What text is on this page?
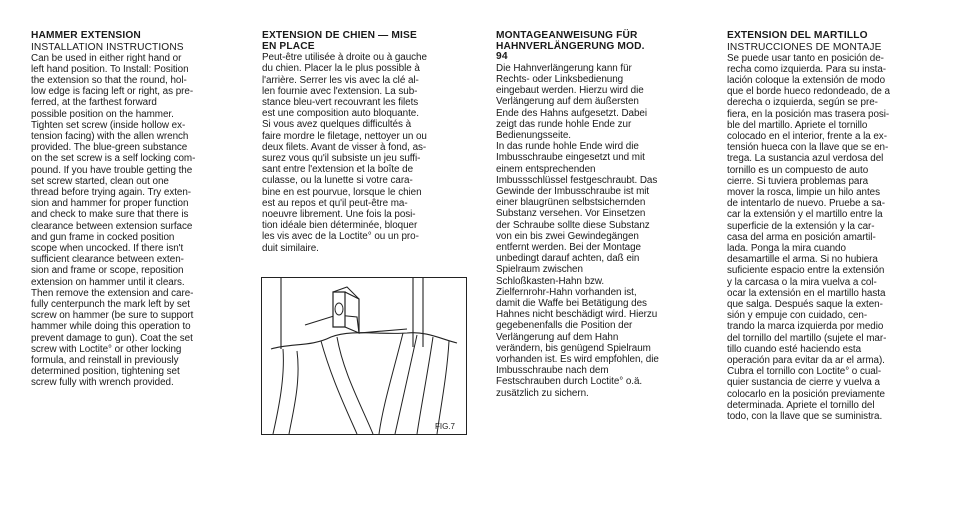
HAMMER EXTENSION
INSTALLATION INSTRUCTIONS
Can be used in either right hand or
left hand position. To Install: Position
the extension so that the round, hol-
low edge is facing left or right, as pre-
ferred, at the farthest forward
possible position on the hammer.
Tighten set screw (inside hollow ex-
tension facing) with the allen wrench
provided. The blue-green substance
on the set screw is a self locking com-
pound. If you have trouble getting the
set screw started, clean out one
thread before trying again. Try exten-
sion and hammer for proper function
and check to make sure that there is
clearance between extension surface
and gun frame in cocked position
scope when uncocked. If there isn't
sufficient clearance between exten-
sion and frame or scope, reposition
extension on hammer until it clears.
Then remove the extension and care-
fully centerpunch the mark left by set
screw on hammer (be sure to support
hammer while doing this operation to
prevent damage to gun). Coat the set
screw with Loctite° or other locking
formula, and reinstall in previously
determined position, tightening set
screw fully with wrench provided.
EXTENSION DE CHIEN — MISE
EN PLACE
Peut-être utilisée à droite ou à gauche
du chien. Placer la le plus possible à
l'arrière. Serrer les vis avec la clé al-
len fournie avec l'extension. La sub-
stance bleu-vert recouvrant les filets
est une composition auto bloquante.
Si vous avez quelques difficultés à
faire mordre le filetage, nettoyer un ou
deux filets. Avant de visser à fond, as-
surez vous qu'il subsiste un jeu suffi-
sant entre l'extension et la boîte de
culasse, ou la lunette si votre cara-
bine en est pourvue, lorsque le chien
est au repos et qu'il peut-être ma-
noeuvre librement. Une fois la posi-
tion idéale bien déterminée, bloquer
les vis avec de la Loctite° ou un pro-
duit similaire.
FIG.7
MONTAGEANWEISUNG FÜR
HAHNVERLÄNGERUNG MOD.
94
Die Hahnverlängerung kann für
Rechts- oder Linksbedienung
eingebaut werden. Hierzu wird die
Verlängerung auf dem äußersten
Ende des Hahns aufgesetzt. Dabei
zeigt das runde hohle Ende zur
Bedienungsseite.
In das runde hohle Ende wird die
Imbusschraube eingesetzt und mit
einem entsprechenden
Imbussschlüssel festgeschraubt. Das
Gewinde der Imbusschraube ist mit
einer blaugrünen selbstsichernden
Substanz versehen. Vor Einsetzen
der Schraube sollte diese Substanz
von ein bis zwei Gewindegängen
entfernt werden. Bei der Montage
unbedingt darauf achten, daß ein
Spielraum zwischen
Schloßkasten-Hahn bzw.
Zielfernrohr-Hahn vorhanden ist,
damit die Waffe bei Betätigung des
Hahnes nicht beschädigt wird. Hierzu
gegebenenfalls die Position der
Verlängerung auf dem Hahn
verändern, bis genügend Spielraum
vorhanden ist. Es wird empfohlen, die
Imbusschraube nach dem
Festschrauben durch Loctite° o.ä.
zusätzlich zu sichern.
EXTENSION DEL MARTILLO
INSTRUCCIONES DE MONTAJE
Se puede usar tanto en posición de-
recha como izquierda. Para su insta-
lación coloque la extensión de modo
que el borde hueco redondeado, de a
derecha o izquierda, según se pre-
fiera, en la posición mas trasera posi-
ble del martillo. Apriete el tornillo
colocado en el interior, frente a la ex-
tensión hueca con la llave que se en-
trega. La sustancia azul verdosa del
tornillo es un compuesto de auto
cierre. Si tuviera problemas para
mover la rosca, limpie un hilo antes
de intentarlo de nuevo. Pruebe a sa-
car la extensión y el martillo entre la
superficie de la extensión y la car-
casa del arma en posición amartil-
lada. Ponga la mira cuando
desamartille el arma. Si no hubiera
suficiente espacio entre la extensión
y la carcasa o la mira vuelva a col-
ocar la extensión en el martillo hasta
que salga. Después saque la exten-
sión y empuje con cuidado, cen-
trando la marca izquierda por medio
del tornillo del martillo (sujete el mar-
tillo cuando esté haciendo esta
operación para evitar da ar el arma).
Cubra el tornillo con Loctite° o cual-
quier sustancia de cierre y vuelva a
colocarlo en la posición previamente
determinada. Apriete el tornillo del
todo, con la llave que se suministra.
